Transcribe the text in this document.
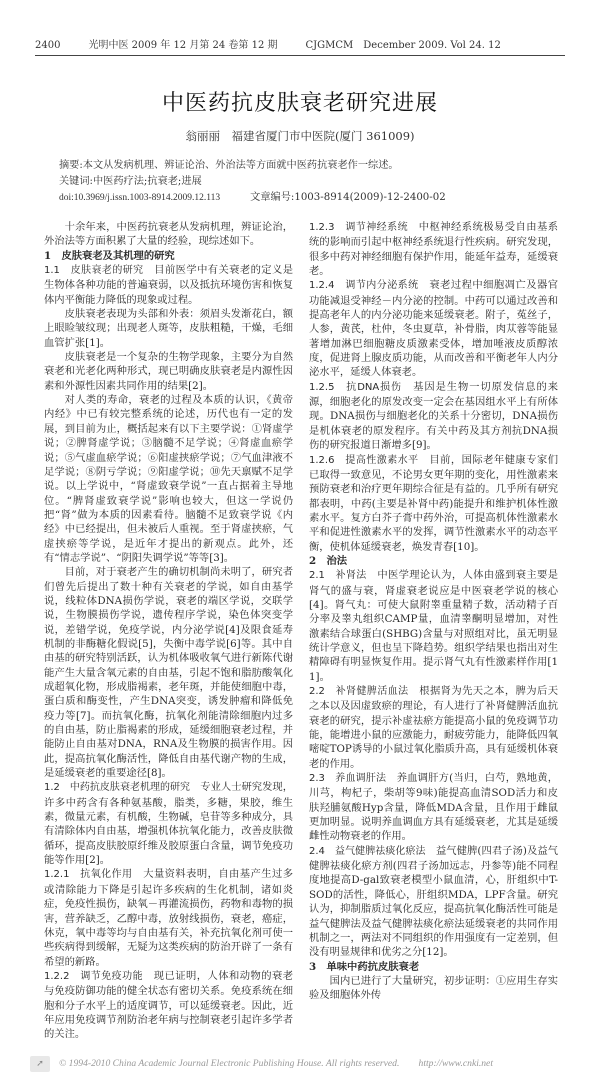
2400	光明中医 2009 年 12 月第 24 卷第 12 期	CJGMCM　December 2009. Vol 24. 12
中医药抗皮肤衰老研究进展
翁丽丽　福建省厦门市中医院(厦门 361009)
摘要:本文从发病机理、辨证论治、外治法等方面就中医药抗衰老作一综述。
关键词:中医药疗法;抗衰老;进展
doi:10.3969/j.issn.1003-8914.2009.12.113	文章编号:1003-8914(2009)-12-2400-02

十余年来，中医药抗衰老从发病机理，辨证论治，外治法等方面积累了大量的经验，现综述如下。

1　皮肤衰老及其机理的研究

1.1　皮肤衰老的研究　目前医学中有关衰老的定义是生物体各种功能的普遍衰弱，以及抵抗环境伤害和恢复体内平衡能力降低的现象或过程。

皮肤衰老表现为头部和外表：须眉头发渐花白，额上眼睑皱纹现；出现老人斑等，皮肤粗糙，干燥，毛细血管扩张[1]。

皮肤衰老是一个复杂的生物学现象，主要分为自然衰老和光老化两种形式，现已明确皮肤衰老是内源性因素和外源性因素共同作用的结果[2]。

对人类的寿命，衰老的过程及本质的认识，《黄帝内经》中已有较完整系统的论述，历代也有一定的发展，到目前为止，概括起来有以下主要学说：①肾虚学说；②脾肾虚学说；③脑髓不足学说；④肾虚血瘀学说；⑤气虚血瘀学说；⑥阳虚挟瘀学说；⑦气血津液不足学说；⑧阴亏学说；⑨阳虚学说；⑩先天禀赋不足学说。以上学说中，“肾虚致衰学说”一直占据着主导地位。“脾肾虚致衰学说”影响也较大，但这一学说仍把“肾”做为本质的因素看待。脑髓不足致衰学说《内经》中已经提出，但未被后人重视。至于肾虚挟瘀，气虚挟瘀等学说，是近年才提出的新观点。此外，还有“情志学说”、“阴阳失调学说”等等[3]。

目前，对于衰老产生的确切机制尚未明了，研究者们曾先后提出了数十种有关衰老的学说，如自由基学说，线粒体DNA损伤学说，衰老的端区学说，交联学说，生物膜损伤学说，遗传程序学说，染色体突变学说，差错学说，免疫学说，内分泌学说[4]及限食延寿机制的非酶糖化假说[5]，失衡中毒学说[6]等。其中自由基的研究特别活跃，认为机体吸收氧气进行新陈代谢能产生大量含氧元素的自由基，引起不饱和脂肪酸氧化成超氧化物，形成脂褐素，老年斑，并能使细胞中毒，蛋白质和酶变性，产生DNA突变，诱发肿瘤和降低免疫力等[7]。而抗氧化酶，抗氧化剂能清除细胞内过多的自由基，防止脂褐素的形成，延缓细胞衰老过程，并能防止自由基对DNA，RNA及生物膜的损害作用。因此，提高抗氧化酶活性，降低自由基代谢产物的生成，是延缓衰老的重要途径[8]。

1.2　中药抗皮肤衰老机理的研究　专业人士研究发现，许多中药含有各种氨基酸，脂类，多糖，果胶，维生素，微量元素，有机酸，生物碱，皂苷等多种成分，具有清除体内自由基，增强机体抗氧化能力，改善皮肤微循环，提高皮肤胶原纤维及胶原蛋白含量，调节免疫功能等作用[2]。

1.2.1　抗氧化作用　大量资料表明，自由基产生过多或清除能力下降是引起许多疾病的生化机制，诸如炎症，免疫性损伤，缺氧－再灌流损伤，药物和毒物的损害，营养缺乏，乙醇中毒，放射线损伤，衰老，癌症，休克，氧中毒等均与自由基有关，补充抗氧化剂可使一些疾病得到缓解，无疑为这类疾病的防治开辟了一条有希望的新路。

1.2.2　调节免疫功能　现已证明，人体和动物的衰老与免疫防御功能的健全状态有密切关系。免疫系统在细胞和分子水平上的适度调节，可以延缓衰老。因此，近年应用免疫调节剂防治老年病与控制衰老引起许多学者的关注。

1.2.3　调节神经系统　中枢神经系统极易受自由基系统的影响而引起中枢神经系统退行性疾病。研究发现，很多中药对神经细胞有保护作用，能延年益寿，延缓衰老。

1.2.4　调节内分泌系统　衰老过程中细胞凋亡及器官功能减退受神经－内分泌的控制。中药可以通过改善和提高老年人的内分泌功能来延缓衰老。附子，菟丝子，人参，黄芪，杜仲，冬虫夏草，补骨脂，肉苁蓉等能显著增加淋巴细胞糖皮质激素受体，增加唾液皮质醇浓度，促进肾上腺皮质功能，从而改善和平衡老年人内分泌水平，延缓人体衰老。

1.2.5　抗DNA损伤　基因是生物一切原发信息的来源，细胞老化的原发改变一定会在基因组水平上有所体现。DNA损伤与细胞老化的关系十分密切，DNA损伤是机体衰老的原发程序。有关中药及其方剂抗DNA损伤的研究报道日渐增多[9]。

1.2.6　提高性激素水平　目前，国际老年健康专家们已取得一致意见，不论男女更年期的变化，用性激素来预防衰老和治疗更年期综合征是有益的。几乎所有研究都表明，中药(主要是补肾中药)能提升和维护机体性激素水平。复方白芥子膏中药外治，可提高机体性激素水平和促进性激素水平的发挥，调节性激素水平的动态平衡，使机体延缓衰老，焕发青春[10]。

2　治法

2.1　补肾法　中医学理论认为，人体由盛到衰主要是肾气的盛与衰，肾虚衰老说应是中医衰老学说的核心[4]。肾气丸：可使大鼠附睾重量精子数，活动精子百分率及睾丸组织CAMP量，血清睾酮明显增加，对性激素结合球蛋白(SHBG)含量与对照组对比，虽无明显统计学意义，但也呈下降趋势。组织学结果也指出对生精障碍有明显恢复作用。提示肾气丸有性激素样作用[11]。

2.2　补肾健脾活血法　根据肾为先天之本，脾为后天之本以及因虚致瘀的理论，有人进行了补肾健脾活血抗衰老的研究，提示补虚祛瘀方能提高小鼠的免疫调节功能，能增进小鼠的应激能力，耐疲劳能力，能降低四氧嘧啶TOP诱导的小鼠过氧化脂质升高，具有延缓机体衰老的作用。

2.3　养血调肝法　养血调肝方(当归，白芍，熟地黄，川芎，枸杞子，柴胡等9味)能提高血清SOD活力和皮肤羟脯氨酸Hyp含量，降低MDA含量，且作用于雌鼠更加明显。说明养血调血方具有延缓衰老，尤其是延缓雌性动物衰老的作用。

2.4　益气健脾祛痰化瘀法　益气健脾(四君子汤)及益气健脾祛痰化瘀方剂(四君子汤加远志，丹参等)能不同程度地提高D-gal致衰老模型小鼠血清，心，肝组织中T-SOD的活性，降低心，肝组织MDA，LPF含量。研究认为，抑制脂质过氧化反应，提高抗氧化酶活性可能是益气健脾法及益气健脾祛痰化瘀法延缓衰老的共同作用机制之一，两法对不同组织的作用强度有一定差别，但没有明显规律和优劣之分[12]。

3　单味中药抗皮肤衰老

国内已进行了大量研究，初步证明：①应用生存实验及细胞体外传

➚	© 1994-2010 China Academic Journal Electronic Publishing House. All rights reserved.　　http://www.cnki.net
